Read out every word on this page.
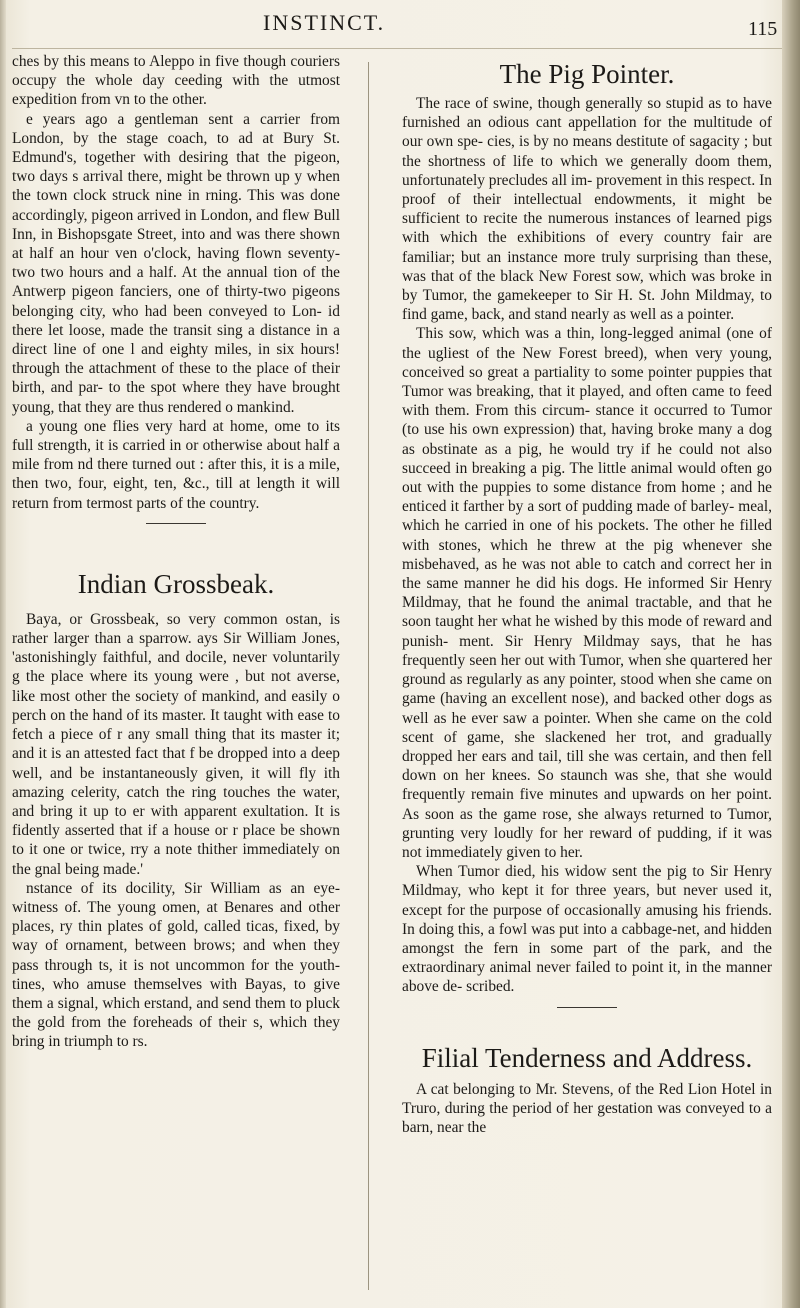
INSTINCT.	115

ches by this means to Aleppo in five though couriers occupy the whole day ceeding with the utmost expedition from vn to the other.

e years ago a gentleman sent a carrier from London, by the stage coach, to ad at Bury St. Edmund's, together with desiring that the pigeon, two days s arrival there, might be thrown up y when the town clock struck nine in rning. This was done accordingly, pigeon arrived in London, and flew Bull Inn, in Bishopsgate Street, into and was there shown at half an hour ven o'clock, having flown seventy-two two hours and a half. At the annual tion of the Antwerp pigeon fanciers, one of thirty-two pigeons belonging city, who had been conveyed to Lon- id there let loose, made the transit sing a distance in a direct line of one l and eighty miles, in six hours! through the attachment of these to the place of their birth, and par- to the spot where they have brought young, that they are thus rendered o mankind.

a young one flies very hard at home, ome to its full strength, it is carried in or otherwise about half a mile from nd there turned out : after this, it is a mile, then two, four, eight, ten, &c., till at length it will return from termost parts of the country.

Indian Grossbeak.

Baya, or Grossbeak, so very common ostan, is rather larger than a sparrow. ays Sir William Jones, 'astonishingly faithful, and docile, never voluntarily g the place where its young were , but not averse, like most other the society of mankind, and easily o perch on the hand of its master. It taught with ease to fetch a piece of r any small thing that its master it; and it is an attested fact that f be dropped into a deep well, and be instantaneously given, it will fly ith amazing celerity, catch the ring touches the water, and bring it up to er with apparent exultation. It is fidently asserted that if a house or r place be shown to it one or twice, rry a note thither immediately on the gnal being made.'

nstance of its docility, Sir William as an eye-witness of. The young omen, at Benares and other places, ry thin plates of gold, called ticas, fixed, by way of ornament, between brows; and when they pass through ts, it is not uncommon for the youth- tines, who amuse themselves with Bayas, to give them a signal, which erstand, and send them to pluck the gold from the foreheads of their s, which they bring in triumph to rs.

The Pig Pointer.

The race of swine, though generally so stupid as to have furnished an odious cant appellation for the multitude of our own spe- cies, is by no means destitute of sagacity ; but the shortness of life to which we generally doom them, unfortunately precludes all im- provement in this respect. In proof of their intellectual endowments, it might be sufficient to recite the numerous instances of learned pigs with which the exhibitions of every country fair are familiar; but an instance more truly surprising than these, was that of the black New Forest sow, which was broke in by Tumor, the gamekeeper to Sir H. St. John Mildmay, to find game, back, and stand nearly as well as a pointer.

This sow, which was a thin, long-legged animal (one of the ugliest of the New Forest breed), when very young, conceived so great a partiality to some pointer puppies that Tumor was breaking, that it played, and often came to feed with them. From this circum- stance it occurred to Tumor (to use his own expression) that, having broke many a dog as obstinate as a pig, he would try if he could not also succeed in breaking a pig. The little animal would often go out with the puppies to some distance from home ; and he enticed it farther by a sort of pudding made of barley- meal, which he carried in one of his pockets. The other he filled with stones, which he threw at the pig whenever she misbehaved, as he was not able to catch and correct her in the same manner he did his dogs. He informed Sir Henry Mildmay, that he found the animal tractable, and that he soon taught her what he wished by this mode of reward and punish- ment. Sir Henry Mildmay says, that he has frequently seen her out with Tumor, when she quartered her ground as regularly as any pointer, stood when she came on game (having an excellent nose), and backed other dogs as well as he ever saw a pointer. When she came on the cold scent of game, she slackened her trot, and gradually dropped her ears and tail, till she was certain, and then fell down on her knees. So staunch was she, that she would frequently remain five minutes and upwards on her point. As soon as the game rose, she always returned to Tumor, grunting very loudly for her reward of pudding, if it was not immediately given to her.

When Tumor died, his widow sent the pig to Sir Henry Mildmay, who kept it for three years, but never used it, except for the purpose of occasionally amusing his friends. In doing this, a fowl was put into a cabbage-net, and hidden amongst the fern in some part of the park, and the extraordinary animal never failed to point it, in the manner above de- scribed.

Filial Tenderness and Address.

A cat belonging to Mr. Stevens, of the Red Lion Hotel in Truro, during the period of her gestation was conveyed to a barn, near the
